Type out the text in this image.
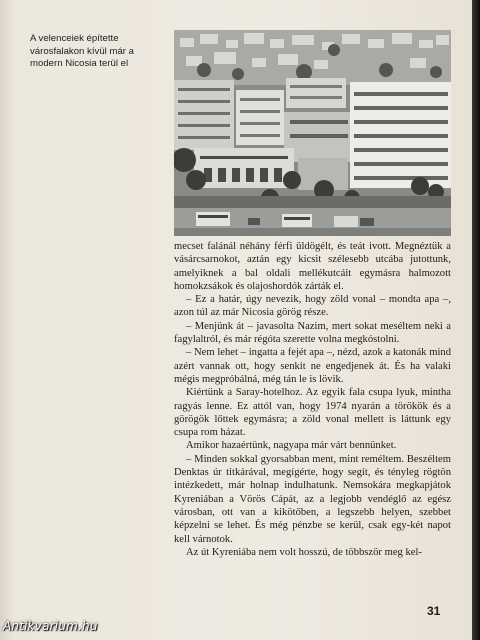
A velenceiek építette városfalakon kívül már a modern Nicosia terül el

mecset falánál néhány férfi üldögélt, és teát ivott. Megnéztük a vásárcsarnokot, aztán egy kicsit szélesebb utcába jutottunk, amelyiknek a bal oldali mellékutcáit egymásra halmozott homokzsákok és olajoshordók zárták el.

– Ez a határ, úgy nevezik, hogy zöld vonal – mondta apa –, azon túl az már Nicosia görög része.

– Menjünk át – javasolta Nazim, mert sokat meséltem neki a fagylaltról, és már régóta szerette volna megkóstolni.

– Nem lehet – ingatta a fejét apa –, nézd, azok a katonák mind azért vannak ott, hogy senkit ne engedjenek át. És ha valaki mégis megpróbálná, még tán le is lövik.

Kiértünk a Saray-hotelhoz. Az egyik fala csupa lyuk, mintha ragyás lenne. Ez attól van, hogy 1974 nyarán a törökök és a görögök lőttek egymásra; a zöld vonal mellett is láttunk egy csupa rom házat.

Amikor hazaértünk, nagyapa már várt bennünket.

– Minden sokkal gyorsabban ment, mint reméltem. Beszéltem Denktas úr titkárával, megígérte, hogy segít, és tényleg rögtön intézkedett, már holnap indulhatunk. Nemsokára megkapjátok Kyreniában a Vörös Cápát, az a legjobb vendéglő az egész városban, ott van a kikötőben, a legszebb helyen, szebbet képzelni se lehet. És még pénzbe se kerül, csak egy-két napot kell várnotok.

Az út Kyreniába nem volt hosszú, de többször meg kel-

31
Antikvarium.hu
